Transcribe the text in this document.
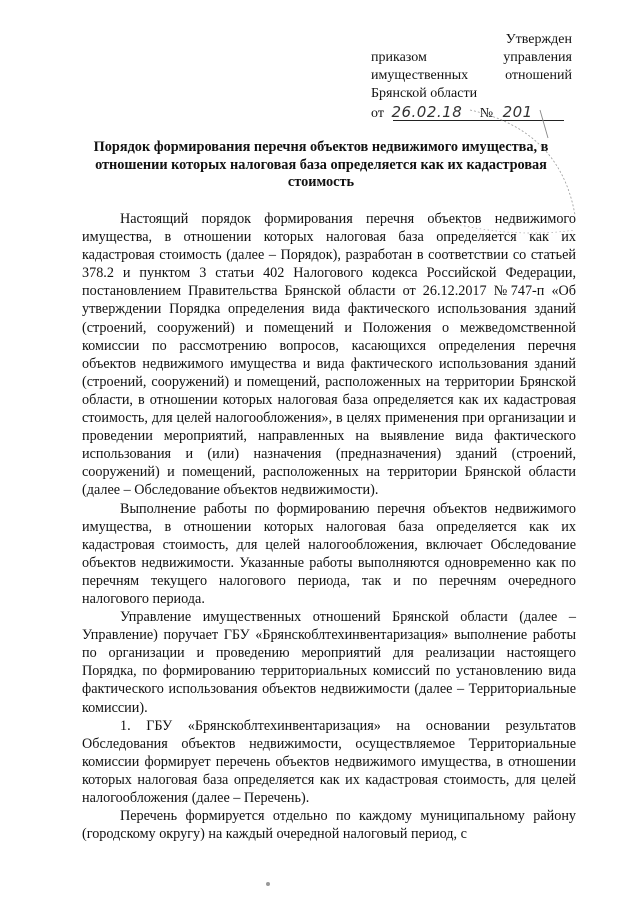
Утвержден
приказом	управления
имущественных	отношений
Брянской области
от 26.02.18 № 201
Порядок формирования перечня объектов недвижимого имущества, в отношении которых налоговая база определяется как их кадастровая стоимость

Настоящий порядок формирования перечня объектов недвижимого имущества, в отношении которых налоговая база определяется как их кадастровая стоимость (далее – Порядок), разработан в соответствии со статьей 378.2 и пунктом 3 статьи 402 Налогового кодекса Российской Федерации, постановлением Правительства Брянской области от 26.12.2017 №747-п «Об утверждении Порядка определения вида фактического использования зданий (строений, сооружений) и помещений и Положения о межведомственной комиссии по рассмотрению вопросов, касающихся определения перечня объектов недвижимого имущества и вида фактического использования зданий (строений, сооружений) и помещений, расположенных на территории Брянской области, в отношении которых налоговая база определяется как их кадастровая стоимость, для целей налогообложения», в целях применения при организации и проведении мероприятий, направленных на выявление вида фактического использования и (или) назначения (предназначения) зданий (строений, сооружений) и помещений, расположенных на территории Брянской области (далее – Обследование объектов недвижимости).

Выполнение работы по формированию перечня объектов недвижимого имущества, в отношении которых налоговая база определяется как их кадастровая стоимость, для целей налогообложения, включает Обследование объектов недвижимости. Указанные работы выполняются одновременно как по перечням текущего налогового периода, так и по перечням очередного налогового периода.

Управление имущественных отношений Брянской области (далее – Управление) поручает ГБУ «Брянскоблтехинвентаризация» выполнение работы по организации и проведению мероприятий для реализации настоящего Порядка, по формированию территориальных комиссий по установлению вида фактического использования объектов недвижимости (далее – Территориальные комиссии).

1. ГБУ «Брянскоблтехинвентаризация» на основании результатов Обследования объектов недвижимости, осуществляемое Территориальные комиссии формирует перечень объектов недвижимого имущества, в отношении которых налоговая база определяется как их кадастровая стоимость, для целей налогообложения (далее – Перечень).

Перечень формируется отдельно по каждому муниципальному району (городскому округу) на каждый очередной налоговый период, с
